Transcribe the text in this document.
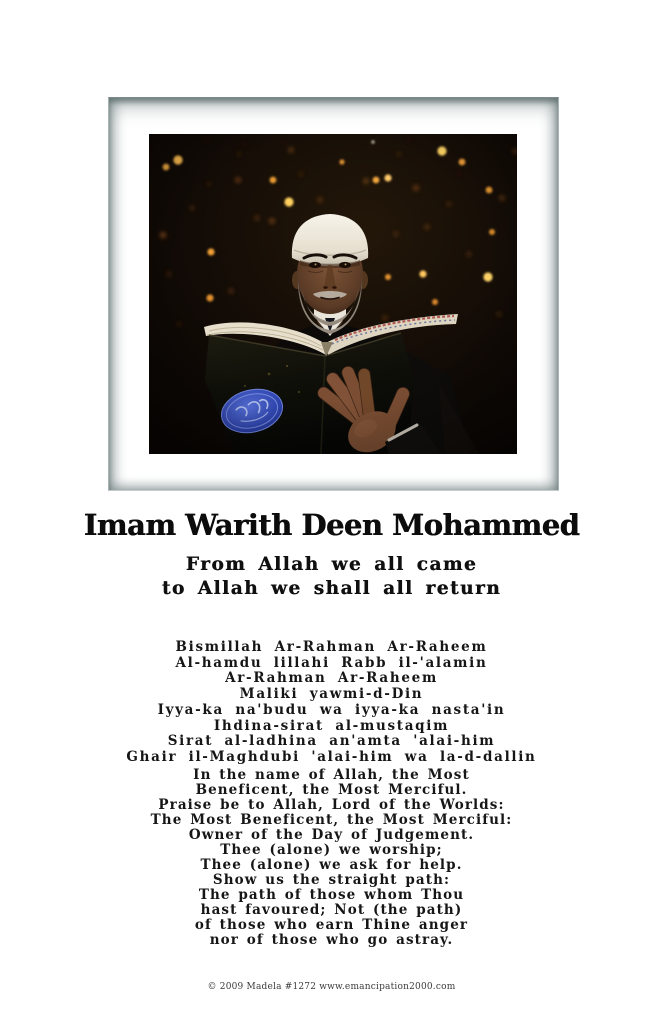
Imam Warith Deen Mohammed
From Allah we all came
to Allah we shall all return
Bismillah Ar-Rahman Ar-Raheem
Al-hamdu lillahi Rabb il-'alamin
Ar-Rahman Ar-Raheem
Maliki yawmi-d-Din
Iyya-ka na'budu wa iyya-ka nasta'in
Ihdina-sirat al-mustaqim
Sirat al-ladhina an'amta 'alai-him
Ghair il-Maghdubi 'alai-him wa la-d-dallin
In the name of Allah, the Most
Beneficent, the Most Merciful.
Praise be to Allah, Lord of the Worlds:
The Most Beneficent, the Most Merciful:
Owner of the Day of Judgement.
Thee (alone) we worship;
Thee (alone) we ask for help.
Show us the straight path:
The path of those whom Thou
hast favoured; Not (the path)
of those who earn Thine anger
nor of those who go astray.
© 2009 Madela #1272 www.emancipation2000.com
